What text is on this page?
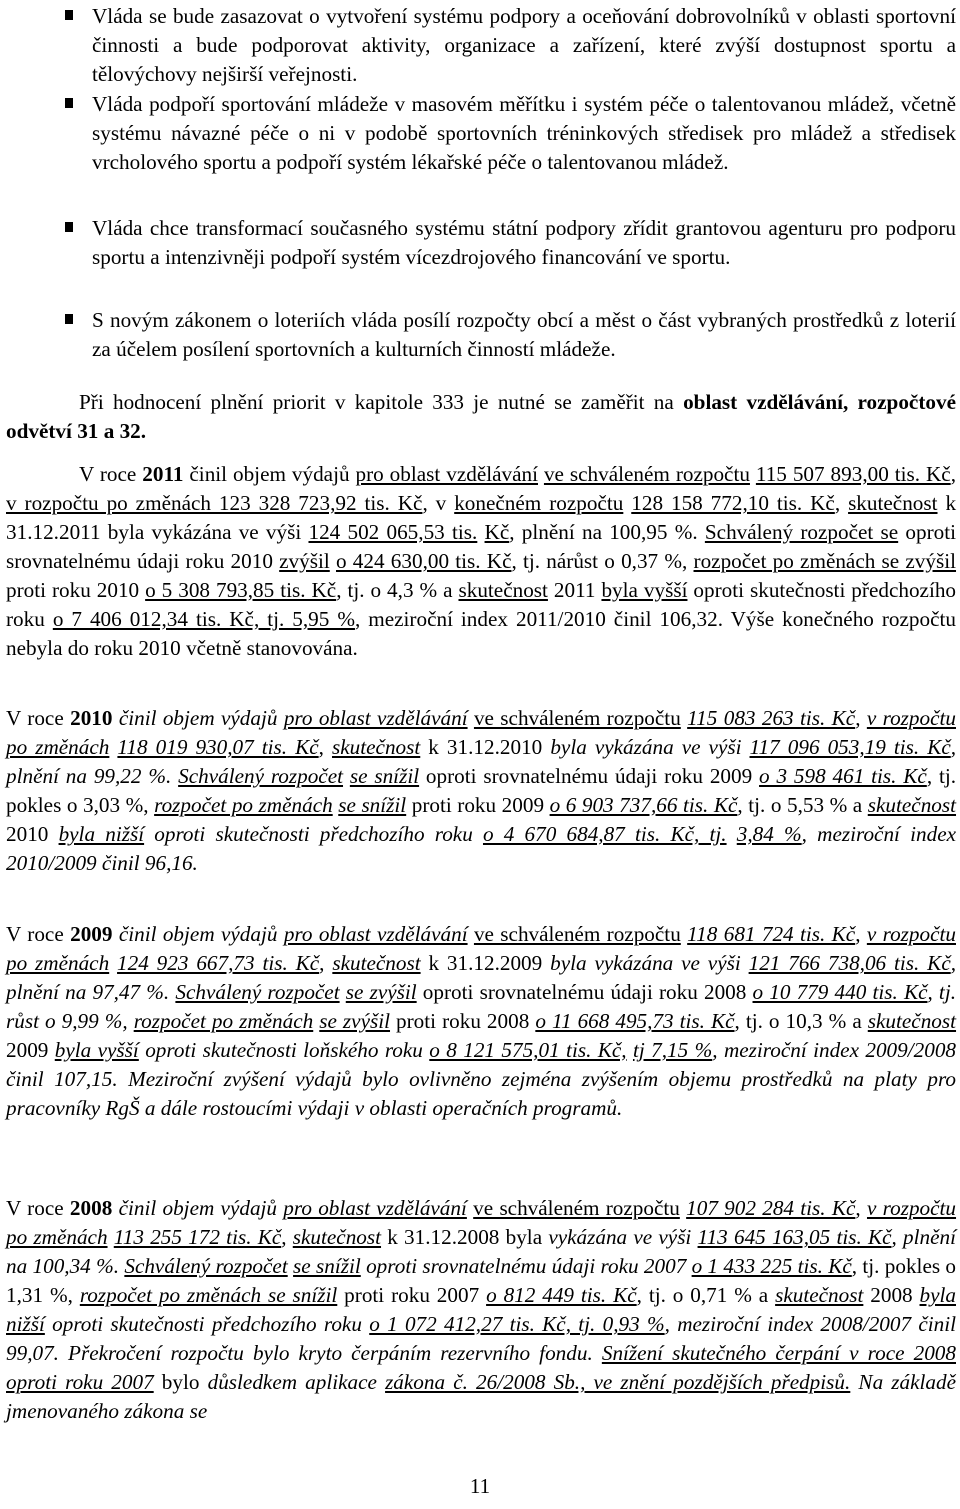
Vláda se bude zasazovat o vytvoření systému podpory a oceňování dobrovolníků v oblasti sportovní činnosti a bude podporovat aktivity, organizace a zařízení, které zvýší dostupnost sportu a tělovýchovy nejširší veřejnosti.
Vláda podpoří sportování mládeže v masovém měřítku i systém péče o talentovanou mládež, včetně systému návazné péče o ni v podobě sportovních tréninkových středisek pro mládež a středisek vrcholového sportu a podpoří systém lékařské péče o talentovanou mládež.
Vláda chce transformací současného systému státní podpory zřídit grantovou agenturu pro podporu sportu a intenzivněji podpoří systém vícezdrojového financování ve sportu.
S novým zákonem o loteriích vláda posílí rozpočty obcí a měst o část vybraných prostředků z loterií za účelem posílení sportovních a kulturních činností mládeže.

Při hodnocení plnění priorit v kapitole 333 je nutné se zaměřit na oblast vzdělávání, rozpočtové odvětví 31 a 32.

V roce 2011 činil objem výdajů pro oblast vzdělávání ve schváleném rozpočtu 115 507 893,00 tis. Kč, v rozpočtu po změnách 123 328 723,92 tis. Kč, v konečném rozpočtu 128 158 772,10 tis. Kč, skutečnost k 31.12.2011 byla vykázána ve výši 124 502 065,53 tis. Kč, plnění na 100,95 %. Schválený rozpočet se oproti srovnatelnému údaji roku 2010 zvýšil o 424 630,00 tis. Kč, tj. nárůst o 0,37 %, rozpočet po změnách se zvýšil proti roku 2010 o 5 308 793,85 tis. Kč, tj. o 4,3 % a skutečnost 2011 byla vyšší oproti skutečnosti předchozího roku o 7 406 012,34 tis. Kč, tj. 5,95 %, meziroční index 2011/2010 činil 106,32. Výše konečného rozpočtu nebyla do roku 2010 včetně stanovována.

V roce 2010 činil objem výdajů pro oblast vzdělávání ve schváleném rozpočtu 115 083 263 tis. Kč, v rozpočtu po změnách 118 019 930,07 tis. Kč, skutečnost k 31.12.2010 byla vykázána ve výši 117 096 053,19 tis. Kč, plnění na 99,22 %. Schválený rozpočet se snížil oproti srovnatelnému údaji roku 2009 o 3 598 461 tis. Kč, tj. pokles o 3,03 %, rozpočet po změnách se snížil proti roku 2009 o 6 903 737,66 tis. Kč, tj. o 5,53 % a skutečnost 2010 byla nižší oproti skutečnosti předchozího roku o 4 670 684,87 tis. Kč, tj. 3,84 %, meziroční index 2010/2009 činil 96,16.

V roce 2009 činil objem výdajů pro oblast vzdělávání ve schváleném rozpočtu 118 681 724 tis. Kč, v rozpočtu po změnách 124 923 667,73 tis. Kč, skutečnost k 31.12.2009 byla vykázána ve výši 121 766 738,06 tis. Kč, plnění na 97,47 %. Schválený rozpočet se zvýšil oproti srovnatelnému údaji roku 2008 o 10 779 440 tis. Kč, tj. růst o 9,99 %, rozpočet po změnách se zvýšil proti roku 2008 o 11 668 495,73 tis. Kč, tj. o 10,3 % a skutečnost 2009 byla vyšší oproti skutečnosti loňského roku o 8 121 575,01 tis. Kč, tj 7,15 %, meziroční index 2009/2008 činil 107,15. Meziroční zvýšení výdajů bylo ovlivněno zejména zvýšením objemu prostředků na platy pro pracovníky RgŠ a dále rostoucími výdaji v oblasti operačních programů.

V roce 2008 činil objem výdajů pro oblast vzdělávání ve schváleném rozpočtu 107 902 284 tis. Kč, v rozpočtu po změnách 113 255 172 tis. Kč, skutečnost k 31.12.2008 byla vykázána ve výši 113 645 163,05 tis. Kč, plnění na 100,34 %. Schválený rozpočet se snížil oproti srovnatelnému údaji roku 2007 o 1 433 225 tis. Kč, tj. pokles o 1,31 %, rozpočet po změnách se snížil proti roku 2007 o 812 449 tis. Kč, tj. o 0,71 % a skutečnost 2008 byla nižší oproti skutečnosti předchozího roku o 1 072 412,27 tis. Kč, tj. 0,93 %, meziroční index 2008/2007 činil 99,07. Překročení rozpočtu bylo kryto čerpáním rezervního fondu. Snížení skutečného čerpání v roce 2008 oproti roku 2007 bylo důsledkem aplikace zákona č. 26/2008 Sb., ve znění pozdějších předpisů. Na základě jmenovaného zákona se

11
